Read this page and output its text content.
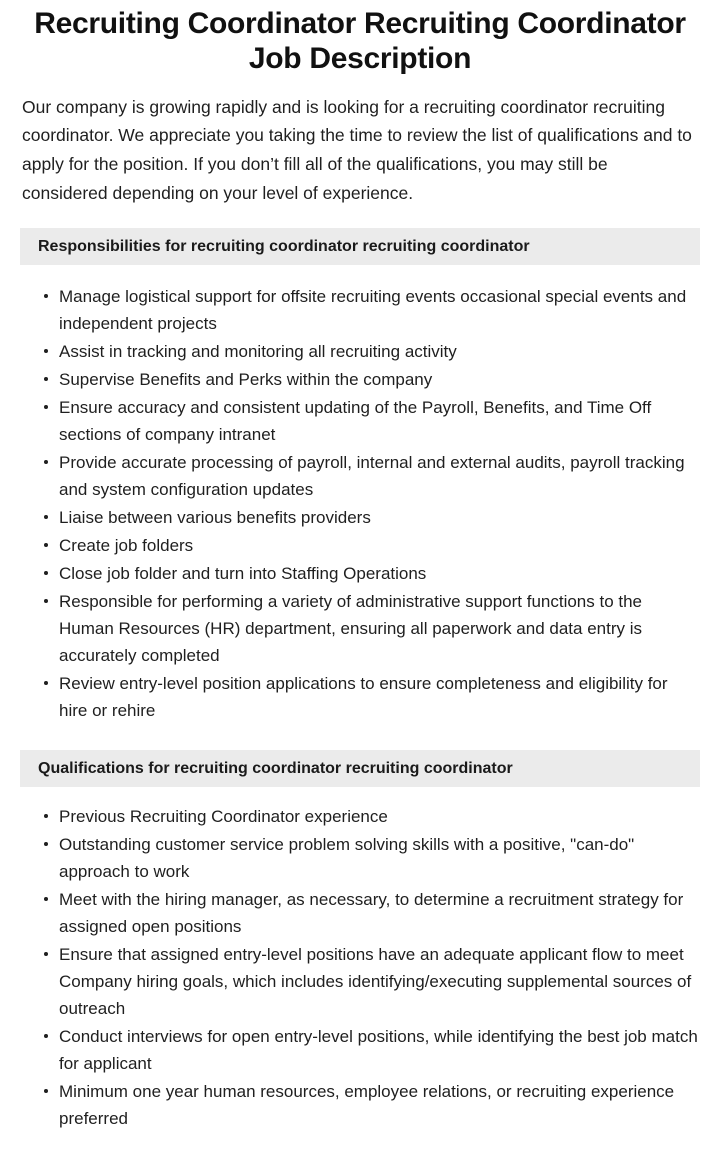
Recruiting Coordinator Recruiting Coordinator Job Description

Our company is growing rapidly and is looking for a recruiting coordinator recruiting coordinator. We appreciate you taking the time to review the list of qualifications and to apply for the position. If you don’t fill all of the qualifications, you may still be considered depending on your level of experience.

Responsibilities for recruiting coordinator recruiting coordinator
Manage logistical support for offsite recruiting events occasional special events and independent projects
Assist in tracking and monitoring all recruiting activity
Supervise Benefits and Perks within the company
Ensure accuracy and consistent updating of the Payroll, Benefits, and Time Off sections of company intranet
Provide accurate processing of payroll, internal and external audits, payroll tracking and system configuration updates
Liaise between various benefits providers
Create job folders
Close job folder and turn into Staffing Operations
Responsible for performing a variety of administrative support functions to the Human Resources (HR) department, ensuring all paperwork and data entry is accurately completed
Review entry-level position applications to ensure completeness and eligibility for hire or rehire
Qualifications for recruiting coordinator recruiting coordinator
Previous Recruiting Coordinator experience
Outstanding customer service problem solving skills with a positive, "can-do" approach to work
Meet with the hiring manager, as necessary, to determine a recruitment strategy for assigned open positions
Ensure that assigned entry-level positions have an adequate applicant flow to meet Company hiring goals, which includes identifying/executing supplemental sources of outreach
Conduct interviews for open entry-level positions, while identifying the best job match for applicant
Minimum one year human resources, employee relations, or recruiting experience preferred
